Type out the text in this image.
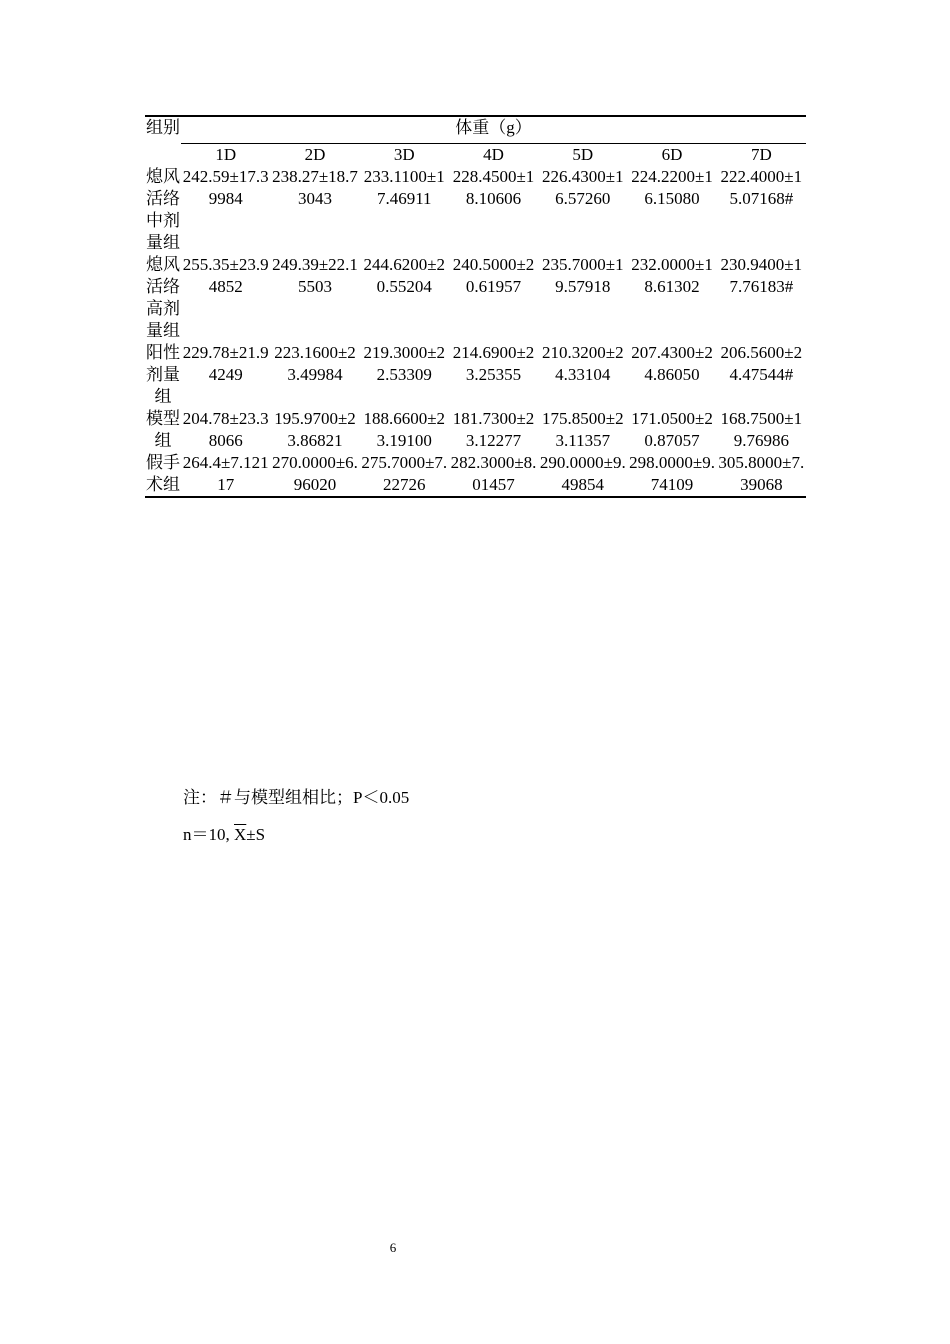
组别	体重（g）						
	1D	2D	3D	4D	5D	6D	7D
熄风活络中剂量组	242.59±17.39984	238.27±18.73043	233.1100±17.46911	228.4500±18.10606	226.4300±16.57260	224.2200±16.15080	222.4000±15.07168#
熄风活络高剂量组	255.35±23.94852	249.39±22.15503	244.6200±20.55204	240.5000±20.61957	235.7000±19.57918	232.0000±18.61302	230.9400±17.76183#
阳性剂量组	229.78±21.94249	223.1600±23.49984	219.3000±22.53309	214.6900±23.25355	210.3200±24.33104	207.4300±24.86050	206.5600±24.47544#
模型组	204.78±23.38066	195.9700±23.86821	188.6600±23.19100	181.7300±23.12277	175.8500±23.11357	171.0500±20.87057	168.7500±19.76986
假手术组	264.4±7.12117	270.0000±6.96020	275.7000±7.22726	282.3000±8.01457	290.0000±9.49854	298.0000±9.74109	305.8000±7.39068
注：＃与模型组相比；P＜0.05
n＝10, $\overline{X}\pm S$
6
